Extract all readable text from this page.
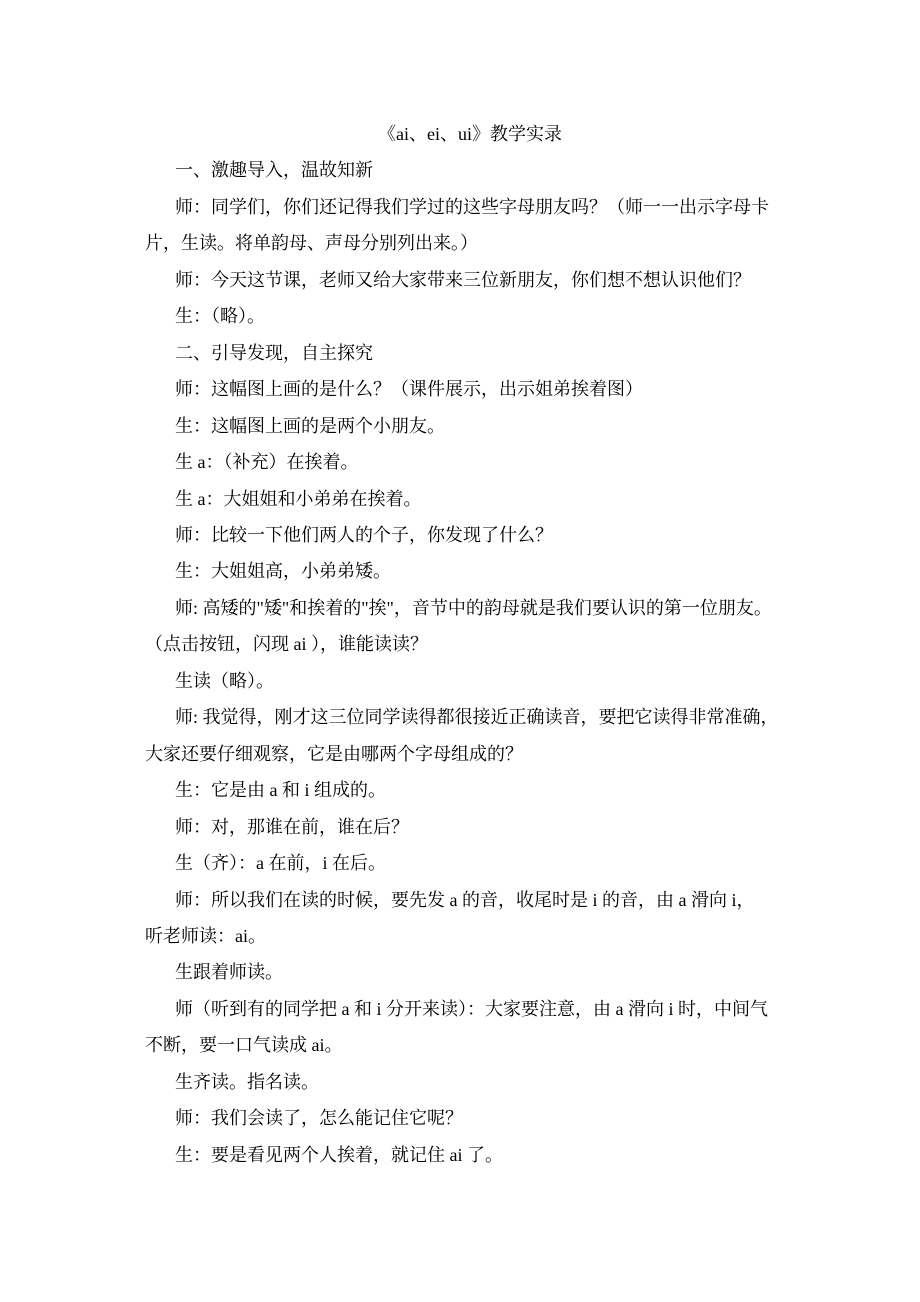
《ai、ei、ui》教学实录
一、激趣导入，温故知新
师：同学们，你们还记得我们学过的这些字母朋友吗？（师一一出示字母卡
片，生读。将单韵母、声母分别列出来。）
师：今天这节课，老师又给大家带来三位新朋友，你们想不想认识他们？
生：（略）。
二、引导发现，自主探究
师：这幅图上画的是什么？（课件展示，出示姐弟挨着图）
生：这幅图上画的是两个小朋友。
生 a：（补充）在挨着。
生 a：大姐姐和小弟弟在挨着。
师：比较一下他们两人的个子，你发现了什么？
生：大姐姐高，小弟弟矮。
师: 高矮的"矮"和挨着的"挨"，音节中的韵母就是我们要认识的第一位朋友。
（点击按钮，闪现 ai ），谁能读读？
生读（略）。
师: 我觉得，刚才这三位同学读得都很接近正确读音，要把它读得非常准确，
大家还要仔细观察，它是由哪两个字母组成的？
生：它是由 a 和 i 组成的。
师：对，那谁在前，谁在后？
生（齐）：a 在前，i 在后。
师：所以我们在读的时候，要先发 a 的音，收尾时是 i 的音，由 a 滑向 i，
听老师读：ai。
生跟着师读。
师（听到有的同学把 a 和 i 分开来读）：大家要注意，由 a 滑向 i 时，中间气
不断，要一口气读成 ai。
生齐读。指名读。
师：我们会读了，怎么能记住它呢？
生：要是看见两个人挨着，就记住 ai 了。
